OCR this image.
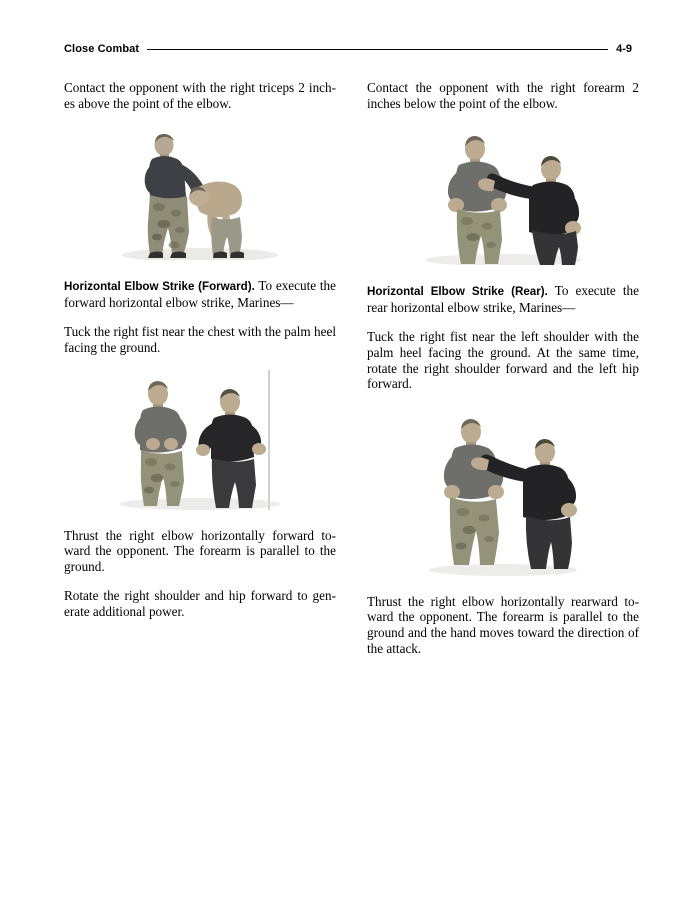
Close Combat	4-9

Contact the opponent with the right triceps 2 inch-es above the point of the elbow.

Horizontal Elbow Strike (Forward). To execute the forward horizontal elbow strike, Marines—

Tuck the right fist near the chest with the palm heel facing the ground.

Thrust the right elbow horizontally forward to-ward the opponent. The forearm is parallel to the ground.

Rotate the right shoulder and hip forward to gen-erate additional power.

Contact the opponent with the right forearm 2 inches below the point of the elbow.

Horizontal Elbow Strike (Rear). To execute the rear horizontal elbow strike, Marines—

Tuck the right fist near the left shoulder with the palm heel facing the ground. At the same time, rotate the right shoulder forward and the left hip forward.

Thrust the right elbow horizontally rearward to-ward the opponent. The forearm is parallel to the ground and the hand moves toward the direction of the attack.
